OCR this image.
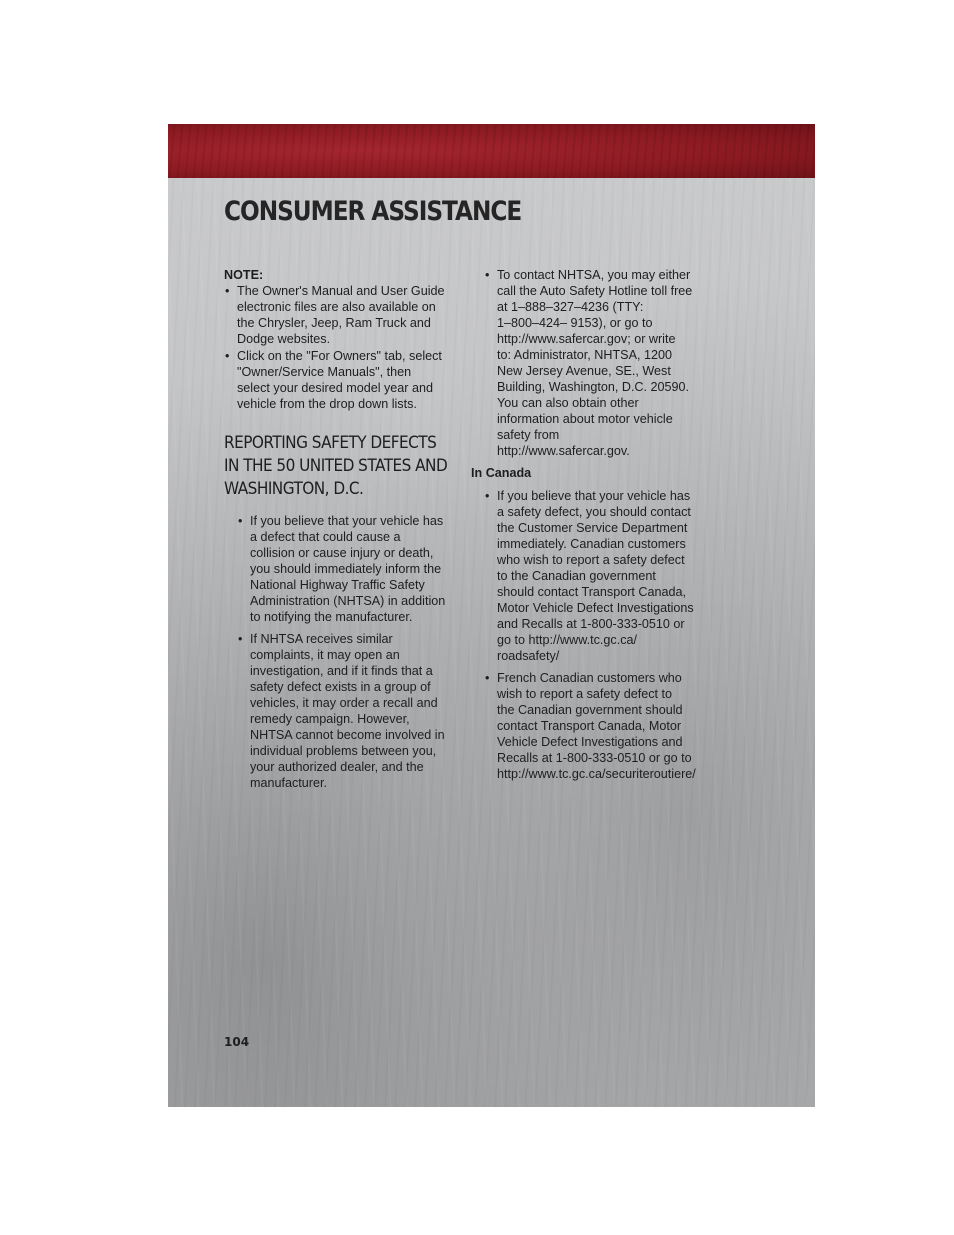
CONSUMER ASSISTANCE

NOTE:

• The Owner's Manual and User Guide
electronic files are also available on
the Chrysler, Jeep, Ram Truck and
Dodge websites.
• Click on the "For Owners" tab, select
"Owner/Service Manuals", then
select your desired model year and
vehicle from the drop down lists.
REPORTING SAFETY DEFECTS
IN THE 50 UNITED STATES AND
WASHINGTON, D.C.
• If you believe that your vehicle has
a defect that could cause a
collision or cause injury or death,
you should immediately inform the
National Highway Traffic Safety
Administration (NHTSA) in addition
to notifying the manufacturer.
• If NHTSA receives similar
complaints, it may open an
investigation, and if it finds that a
safety defect exists in a group of
vehicles, it may order a recall and
remedy campaign. However,
NHTSA cannot become involved in
individual problems between you,
your authorized dealer, and the
manufacturer.
• To contact NHTSA, you may either
call the Auto Safety Hotline toll free
at 1–888–327–4236 (TTY:
1–800–424– 9153), or go to
http://www.safercar.gov; or write
to: Administrator, NHTSA, 1200
New Jersey Avenue, SE., West
Building, Washington, D.C. 20590.
You can also obtain other
information about motor vehicle
safety from
http://www.safercar.gov.

In Canada

• If you believe that your vehicle has
a safety defect, you should contact
the Customer Service Department
immediately. Canadian customers
who wish to report a safety defect
to the Canadian government
should contact Transport Canada,
Motor Vehicle Defect Investigations
and Recalls at 1-800-333-0510 or
go to http://www.tc.gc.ca/
roadsafety/
• French Canadian customers who
wish to report a safety defect to
the Canadian government should
contact Transport Canada, Motor
Vehicle Defect Investigations and
Recalls at 1-800-333-0510 or go to
http://www.tc.gc.ca/securiteroutiere/
104
